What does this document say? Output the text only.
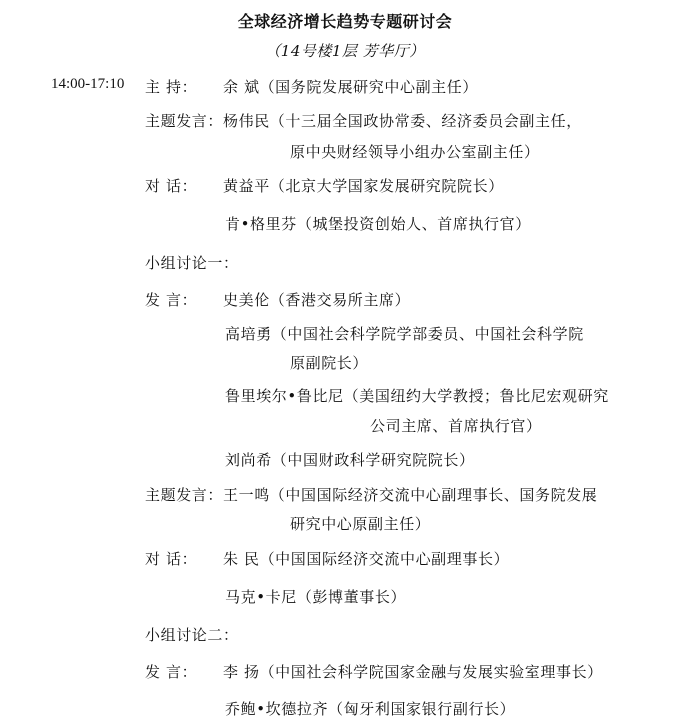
全球经济增长趋势专题研讨会
（14号楼1层 芳华厅）
14:00-17:10 主 持： 余 斌（国务院发展研究中心副主任）
主题发言：杨伟民（十三届全国政协常委、经济委员会副主任，
原中央财经领导小组办公室副主任）
对 话： 黄益平（北京大学国家发展研究院院长）
肯•格里芬（城堡投资创始人、首席执行官）
小组讨论一：
发 言： 史美伦（香港交易所主席）
高培勇（中国社会科学院学部委员、中国社会科学院
原副院长）
鲁里埃尔•鲁比尼（美国纽约大学教授；鲁比尼宏观研究
公司主席、首席执行官）
刘尚希（中国财政科学研究院院长）
主题发言：王一鸣（中国国际经济交流中心副理事长、国务院发展
研究中心原副主任）
对 话： 朱 民（中国国际经济交流中心副理事长）
马克•卡尼（彭博董事长）
小组讨论二：
发 言： 李 扬（中国社会科学院国家金融与发展实验室理事长）
乔鲍•坎德拉齐（匈牙利国家银行副行长）
